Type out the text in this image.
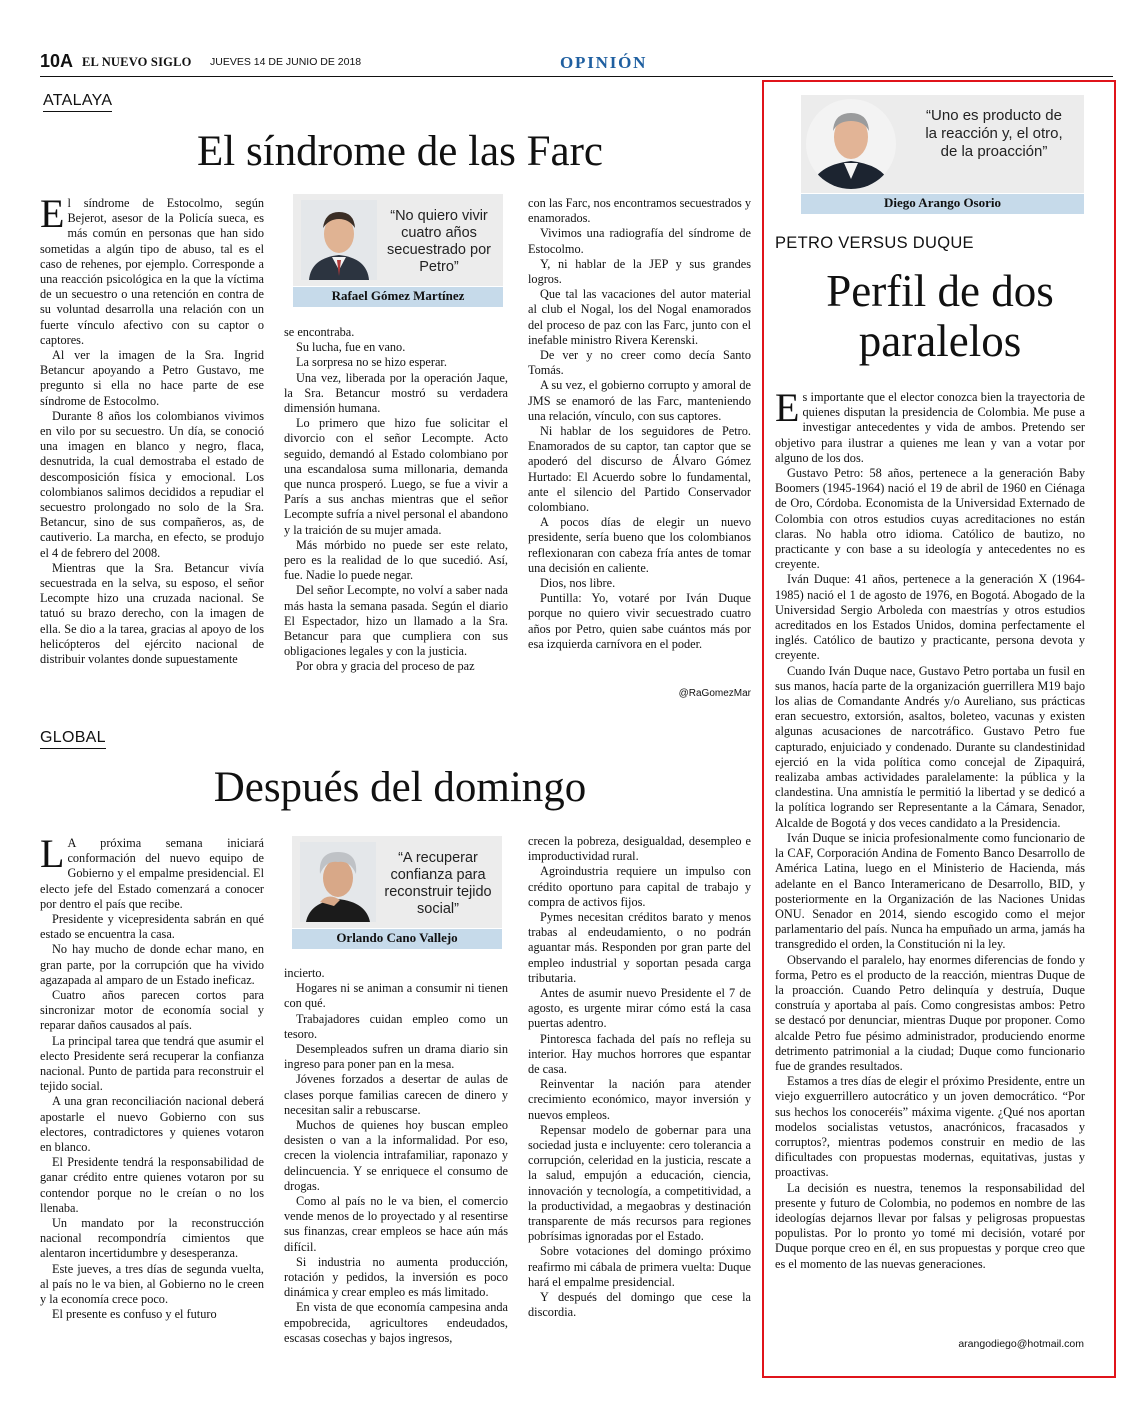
10A EL NUEVO SIGLO JUEVES 14 DE JUNIO DE 2018	OPINIÓN
ATALAYA
El síndrome de las Farc
“No quiero vivir cuatro años secuestrado por Petro”
Rafael Gómez Martínez

El síndrome de Estocolmo, según Bejerot, asesor de la Policía sueca, es más común en personas que han sido sometidas a algún tipo de abuso, tal es el caso de rehenes, por ejemplo. Corresponde a una reacción psicológica en la que la víctima de un secuestro o una retención en contra de su voluntad desarrolla una relación con un fuerte vínculo afectivo con su captor o captores.

Al ver la imagen de la Sra. Ingrid Betancur apoyando a Petro Gustavo, me pregunto si ella no hace parte de ese síndrome de Estocolmo.

Durante 8 años los colombianos vivimos en vilo por su secuestro. Un día, se conoció una imagen en blanco y negro, flaca, desnutrida, la cual demostraba el estado de descomposición física y emocional. Los colombianos salimos decididos a repudiar el secuestro prolongado no solo de la Sra. Betancur, sino de sus compañeros, as, de cautiverio. La marcha, en efecto, se produjo el 4 de febrero del 2008.

Mientras que la Sra. Betancur vivía secuestrada en la selva, su esposo, el señor Lecompte hizo una cruzada nacional. Se tatuó su brazo derecho, con la imagen de ella. Se dio a la tarea, gracias al apoyo de los helicópteros del ejército nacional de distribuir volantes donde supuestamente

se encontraba.

Su lucha, fue en vano.

La sorpresa no se hizo esperar.

Una vez, liberada por la operación Jaque, la Sra. Betancur mostró su verdadera dimensión humana.

Lo primero que hizo fue solicitar el divorcio con el señor Lecompte. Acto seguido, demandó al Estado colombiano por una escandalosa suma millonaria, demanda que nunca prosperó. Luego, se fue a vivir a París a sus anchas mientras que el señor Lecompte sufría a nivel personal el abandono y la traición de su mujer amada.

Más mórbido no puede ser este relato, pero es la realidad de lo que sucedió. Así, fue. Nadie lo puede negar.

Del señor Lecompte, no volví a saber nada más hasta la semana pasada. Según el diario El Espectador, hizo un llamado a la Sra. Betancur para que cumpliera con sus obligaciones legales y con la justicia.

Por obra y gracia del proceso de paz

con las Farc, nos encontramos secuestrados y enamorados.

Vivimos una radiografía del síndrome de Estocolmo.

Y, ni hablar de la JEP y sus grandes logros.

Que tal las vacaciones del autor material al club el Nogal, los del Nogal enamorados del proceso de paz con las Farc, junto con el inefable ministro Rivera Kerenski.

De ver y no creer como decía Santo Tomás.

A su vez, el gobierno corrupto y amoral de JMS se enamoró de las Farc, manteniendo una relación, vínculo, con sus captores.

Ni hablar de los seguidores de Petro. Enamorados de su captor, tan captor que se apoderó del discurso de Álvaro Gómez Hurtado: El Acuerdo sobre lo fundamental, ante el silencio del Partido Conservador colombiano.

A pocos días de elegir un nuevo presidente, sería bueno que los colombianos reflexionaran con cabeza fría antes de tomar una decisión en caliente.

Dios, nos libre.

Puntilla: Yo, votaré por Iván Duque porque no quiero vivir secuestrado cuatro años por Petro, quien sabe cuántos más por esa izquierda carnívora en el poder.

@RaGomezMar
GLOBAL
Después del domingo
“A recuperar confianza para reconstruir tejido social”
Orlando Cano Vallejo

L A próxima semana iniciará conformación del nuevo equipo de Gobierno y el empalme presidencial. El electo jefe del Estado comenzará a conocer por dentro el país que recibe.

Presidente y vicepresidenta sabrán en qué estado se encuentra la casa.

No hay mucho de donde echar mano, en gran parte, por la corrupción que ha vivido agazapada al amparo de un Estado ineficaz.

Cuatro años parecen cortos para sincronizar motor de economía social y reparar daños causados al país.

La principal tarea que tendrá que asumir el electo Presidente será recuperar la confianza nacional. Punto de partida para reconstruir el tejido social.

A una gran reconciliación nacional deberá apostarle el nuevo Gobierno con sus electores, contradictores y quienes votaron en blanco.

El Presidente tendrá la responsabilidad de ganar crédito entre quienes votaron por su contendor porque no le creían o no los llenaba.

Un mandato por la reconstrucción nacional recompondría cimientos que alentaron incertidumbre y desesperanza.

Este jueves, a tres días de segunda vuelta, al país no le va bien, al Gobierno no le creen y la economía crece poco.

El presente es confuso y el futuro

incierto.

Hogares ni se animan a consumir ni tienen con qué.

Trabajadores cuidan empleo como un tesoro.

Desempleados sufren un drama diario sin ingreso para poner pan en la mesa.

Jóvenes forzados a desertar de aulas de clases porque familias carecen de dinero y necesitan salir a rebuscarse.

Muchos de quienes hoy buscan empleo desisten o van a la informalidad. Por eso, crecen la violencia intrafamiliar, raponazo y delincuencia. Y se enriquece el consumo de drogas.

Como al país no le va bien, el comercio vende menos de lo proyectado y al resentirse sus finanzas, crear empleos se hace aún más difícil.

Si industria no aumenta producción, rotación y pedidos, la inversión es poco dinámica y crear empleo es más limitado.

En vista de que economía campesina anda empobrecida, agricultores endeudados, escasas cosechas y bajos ingresos,

crecen la pobreza, desigualdad, desempleo e improductividad rural.

Agroindustria requiere un impulso con crédito oportuno para capital de trabajo y compra de activos fijos.

Pymes necesitan créditos barato y menos trabas al endeudamiento, o no podrán aguantar más. Responden por gran parte del empleo industrial y soportan pesada carga tributaria.

Antes de asumir nuevo Presidente el 7 de agosto, es urgente mirar cómo está la casa puertas adentro.

Pintoresca fachada del país no refleja su interior. Hay muchos horrores que espantar de casa.

Reinventar la nación para atender crecimiento económico, mayor inversión y nuevos empleos.

Repensar modelo de gobernar para una sociedad justa e incluyente: cero tolerancia a corrupción, celeridad en la justicia, rescate a la salud, empujón a educación, ciencia, innovación y tecnología, a competitividad, a la productividad, a megaobras y destinación transparente de más recursos para regiones pobrísimas ignoradas por el Estado.

Sobre votaciones del domingo próximo reafirmo mi cábala de primera vuelta: Duque hará el empalme presidencial.

Y después del domingo que cese la discordia.

“Uno es producto de la reacción y, el otro, de la proacción”
Diego Arango Osorio
PETRO VERSUS DUQUE
Perfil de dos
paralelos

Es importante que el elector conozca bien la trayectoria de quienes disputan la presidencia de Colombia. Me puse a investigar antecedentes y vida de ambos. Pretendo ser objetivo para ilustrar a quienes me lean y van a votar por alguno de los dos.

Gustavo Petro: 58 años, pertenece a la generación Baby Boomers (1945-1964) nació el 19 de abril de 1960 en Ciénaga de Oro, Córdoba. Economista de la Universidad Externado de Colombia con otros estudios cuyas acreditaciones no están claras. No habla otro idioma. Católico de bautizo, no practicante y con base a su ideología y antecedentes no es creyente.

Iván Duque: 41 años, pertenece a la generación X (1964-1985) nació el 1 de agosto de 1976, en Bogotá. Abogado de la Universidad Sergio Arboleda con maestrías y otros estudios acreditados en los Estados Unidos, domina perfectamente el inglés. Católico de bautizo y practicante, persona devota y creyente.

Cuando Iván Duque nace, Gustavo Petro portaba un fusil en sus manos, hacía parte de la organización guerrillera M19 bajo los alias de Comandante Andrés y/o Aureliano, sus prácticas eran secuestro, extorsión, asaltos, boleteo, vacunas y existen algunas acusaciones de narcotráfico. Gustavo Petro fue capturado, enjuiciado y condenado. Durante su clandestinidad ejerció en la vida política como concejal de Zipaquirá, realizaba ambas actividades paralelamente: la pública y la clandestina. Una amnistía le permitió la libertad y se dedicó a la política logrando ser Representante a la Cámara, Senador, Alcalde de Bogotá y dos veces candidato a la Presidencia.

Iván Duque se inicia profesionalmente como funcionario de la CAF, Corporación Andina de Fomento Banco Desarrollo de América Latina, luego en el Ministerio de Hacienda, más adelante en el Banco Interamericano de Desarrollo, BID, y posteriormente en la Organización de las Naciones Unidas ONU. Senador en 2014, siendo escogido como el mejor parlamentario del país. Nunca ha empuñado un arma, jamás ha transgredido el orden, la Constitución ni la ley.

Observando el paralelo, hay enormes diferencias de fondo y forma, Petro es el producto de la reacción, mientras Duque de la proacción. Cuando Petro delinquía y destruía, Duque construía y aportaba al país. Como congresistas ambos: Petro se destacó por denunciar, mientras Duque por proponer. Como alcalde Petro fue pésimo administrador, produciendo enorme detrimento patrimonial a la ciudad; Duque como funcionario fue de grandes resultados.

Estamos a tres días de elegir el próximo Presidente, entre un viejo exguerrillero autocrático y un joven democrático. “Por sus hechos los conoceréis” máxima vigente. ¿Qué nos aportan modelos socialistas vetustos, anacrónicos, fracasados y corruptos?, mientras podemos construir en medio de las dificultades con propuestas modernas, equitativas, justas y proactivas.

La decisión es nuestra, tenemos la responsabilidad del presente y futuro de Colombia, no podemos en nombre de las ideologías dejarnos llevar por falsas y peligrosas propuestas populistas. Por lo pronto yo tomé mi decisión, votaré por Duque porque creo en él, en sus propuestas y porque creo que es el momento de las nuevas generaciones.

arangodiego@hotmail.com
